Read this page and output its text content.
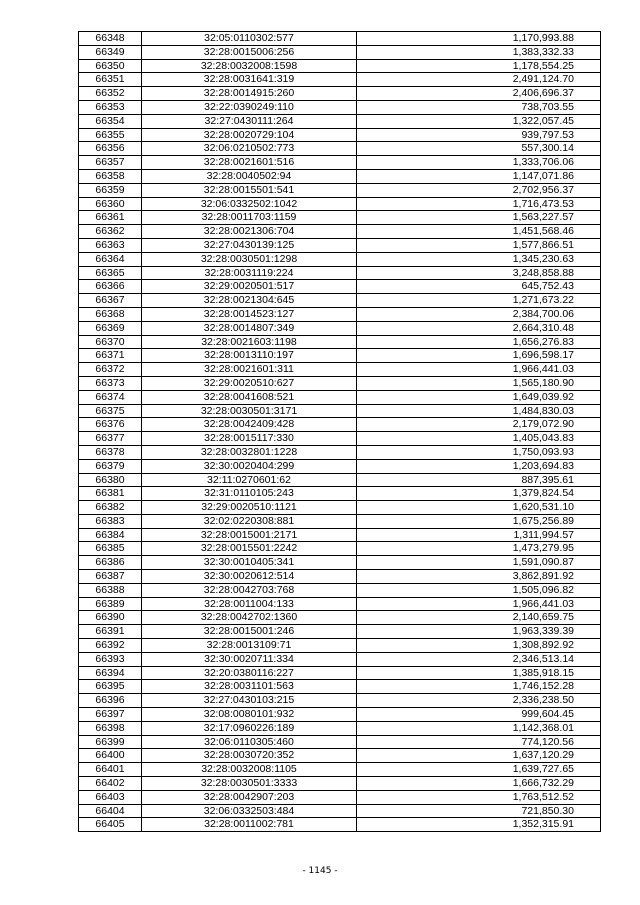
66348	32:05:0110302:577	1,170,993.88
66349	32:28:0015006:256	1,383,332.33
66350	32:28:0032008:1598	1,178,554.25
66351	32:28:0031641:319	2,491,124.70
66352	32:28:0014915:260	2,406,696.37
66353	32:22:0390249:110	738,703.55
66354	32:27:0430111:264	1,322,057.45
66355	32:28:0020729:104	939,797.53
66356	32:06:0210502:773	557,300.14
66357	32:28:0021601:516	1,333,706.06
66358	32:28:0040502:94	1,147,071.86
66359	32:28:0015501:541	2,702,956.37
66360	32:06:0332502:1042	1,716,473.53
66361	32:28:0011703:1159	1,563,227.57
66362	32:28:0021306:704	1,451,568.46
66363	32:27:0430139:125	1,577,866.51
66364	32:28:0030501:1298	1,345,230.63
66365	32:28:0031119:224	3,248,858.88
66366	32:29:0020501:517	645,752.43
66367	32:28:0021304:645	1,271,673.22
66368	32:28:0014523:127	2,384,700.06
66369	32:28:0014807:349	2,664,310.48
66370	32:28:0021603:1198	1,656,276.83
66371	32:28:0013110:197	1,696,598.17
66372	32:28:0021601:311	1,966,441.03
66373	32:29:0020510:627	1,565,180.90
66374	32:28:0041608:521	1,649,039.92
66375	32:28:0030501:3171	1,484,830.03
66376	32:28:0042409:428	2,179,072.90
66377	32:28:0015117:330	1,405,043.83
66378	32:28:0032801:1228	1,750,093.93
66379	32:30:0020404:299	1,203,694.83
66380	32:11:0270601:62	887,395.61
66381	32:31:0110105:243	1,379,824.54
66382	32:29:0020510:1121	1,620,531.10
66383	32:02:0220308:881	1,675,256.89
66384	32:28:0015001:2171	1,311,994.57
66385	32:28:0015501:2242	1,473,279.95
66386	32:30:0010405:341	1,591,090.87
66387	32:30:0020612:514	3,862,891.92
66388	32:28:0042703:768	1,505,096.82
66389	32:28:0011004:133	1,966,441.03
66390	32:28:0042702:1360	2,140,659.75
66391	32:28:0015001:246	1,963,339.39
66392	32:28:0013109:71	1,308,892.92
66393	32:30:0020711:334	2,346,513.14
66394	32:20:0380116:227	1,385,918.15
66395	32:28:0031101:563	1,746,152.28
66396	32:27:0430103:215	2,336,238.50
66397	32:08:0080101:932	999,604.45
66398	32:17:0960226:189	1,142,368.01
66399	32:06:0110305:460	774,120.56
66400	32:28:0030720:352	1,637,120.29
66401	32:28:0032008:1105	1,639,727.65
66402	32:28:0030501:3333	1,666,732.29
66403	32:28:0042907:203	1,763,512.52
66404	32:06:0332503:484	721,850.30
66405	32:28:0011002:781	1,352,315.91
- 1145 -
